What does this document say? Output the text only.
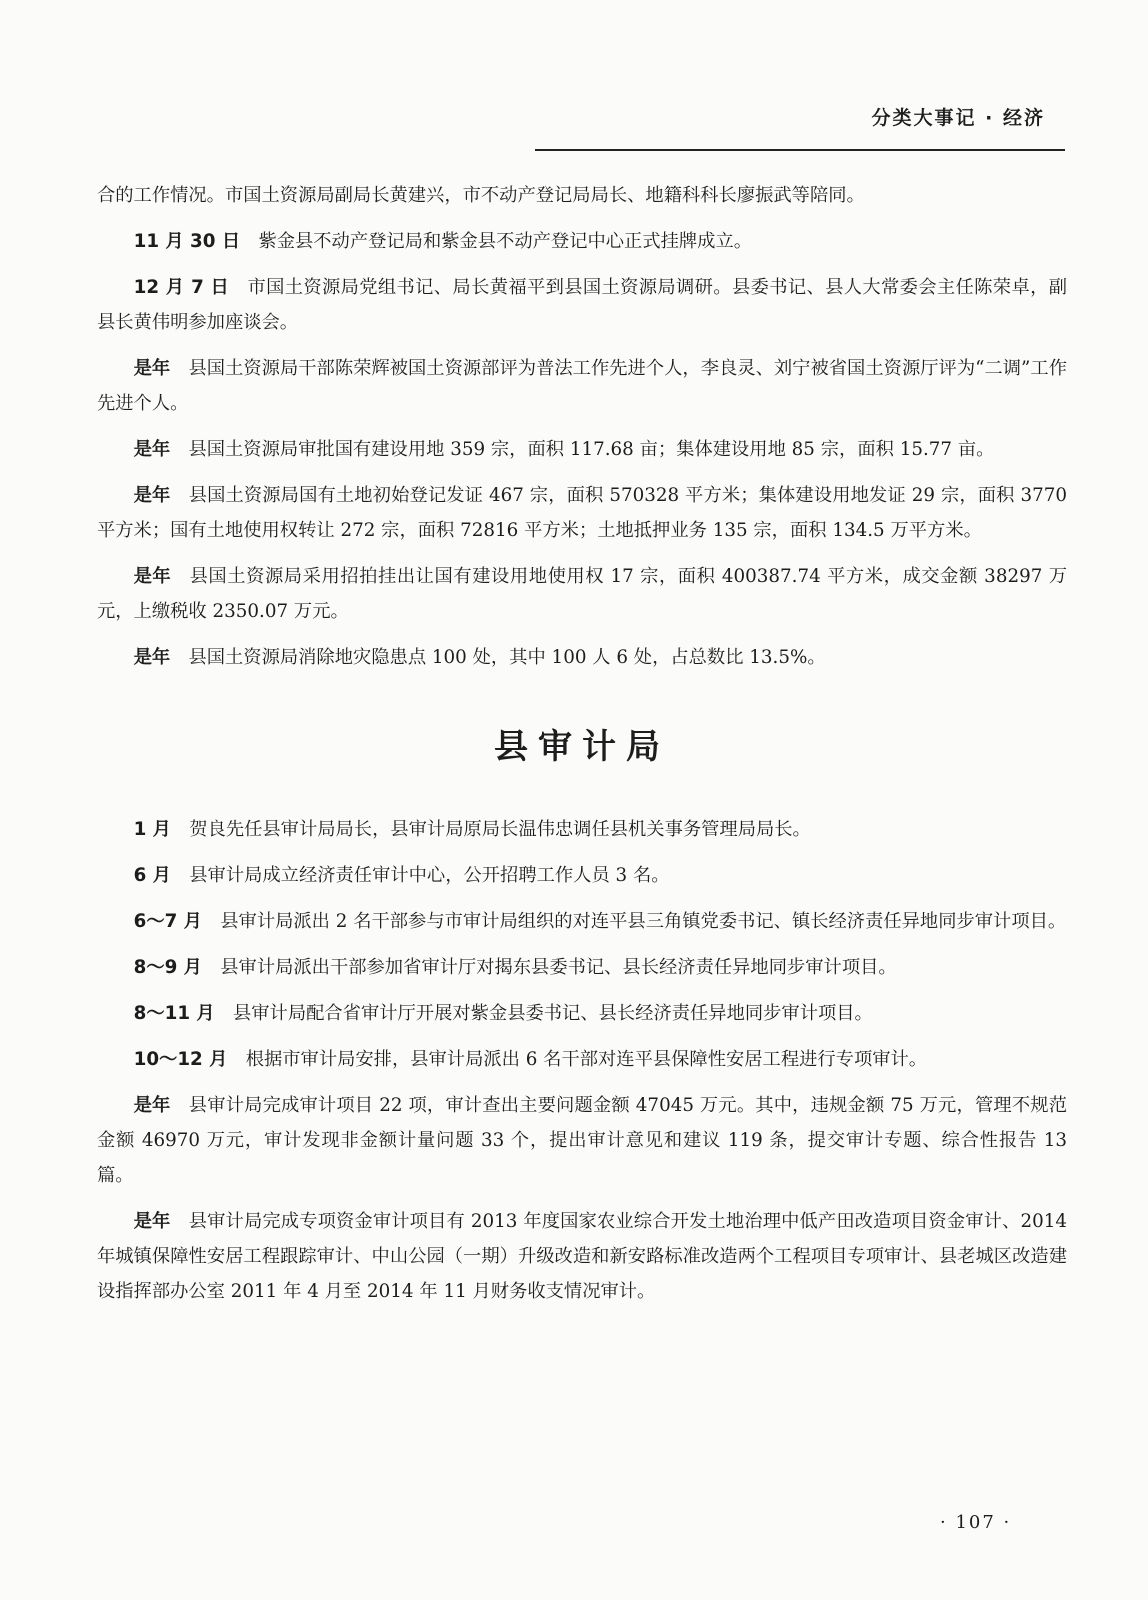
分类大事记 · 经济

合的工作情况。市国土资源局副局长黄建兴，市不动产登记局局长、地籍科科长廖振武等陪同。

11 月 30 日 紫金县不动产登记局和紫金县不动产登记中心正式挂牌成立。

12 月 7 日 市国土资源局党组书记、局长黄福平到县国土资源局调研。县委书记、县人大常委会主任陈荣卓，副县长黄伟明参加座谈会。

是年 县国土资源局干部陈荣辉被国土资源部评为普法工作先进个人，李良灵、刘宁被省国土资源厅评为“二调”工作先进个人。

是年 县国土资源局审批国有建设用地 359 宗，面积 117.68 亩；集体建设用地 85 宗，面积 15.77 亩。

是年 县国土资源局国有土地初始登记发证 467 宗，面积 570328 平方米；集体建设用地发证 29 宗，面积 3770 平方米；国有土地使用权转让 272 宗，面积 72816 平方米；土地抵押业务 135 宗，面积 134.5 万平方米。

是年 县国土资源局采用招拍挂出让国有建设用地使用权 17 宗，面积 400387.74 平方米，成交金额 38297 万元，上缴税收 2350.07 万元。

是年 县国土资源局消除地灾隐患点 100 处，其中 100 人 6 处，占总数比 13.5%。

县审计局

1 月 贺良先任县审计局局长，县审计局原局长温伟忠调任县机关事务管理局局长。

6 月 县审计局成立经济责任审计中心，公开招聘工作人员 3 名。

6～7 月 县审计局派出 2 名干部参与市审计局组织的对连平县三角镇党委书记、镇长经济责任异地同步审计项目。

8～9 月 县审计局派出干部参加省审计厅对揭东县委书记、县长经济责任异地同步审计项目。

8～11 月 县审计局配合省审计厅开展对紫金县委书记、县长经济责任异地同步审计项目。

10～12 月 根据市审计局安排，县审计局派出 6 名干部对连平县保障性安居工程进行专项审计。

是年 县审计局完成审计项目 22 项，审计查出主要问题金额 47045 万元。其中，违规金额 75 万元，管理不规范金额 46970 万元，审计发现非金额计量问题 33 个，提出审计意见和建议 119 条，提交审计专题、综合性报告 13 篇。

是年 县审计局完成专项资金审计项目有 2013 年度国家农业综合开发土地治理中低产田改造项目资金审计、2014 年城镇保障性安居工程跟踪审计、中山公园（一期）升级改造和新安路标准改造两个工程项目专项审计、县老城区改造建设指挥部办公室 2011 年 4 月至 2014 年 11 月财务收支情况审计。

· 107 ·
